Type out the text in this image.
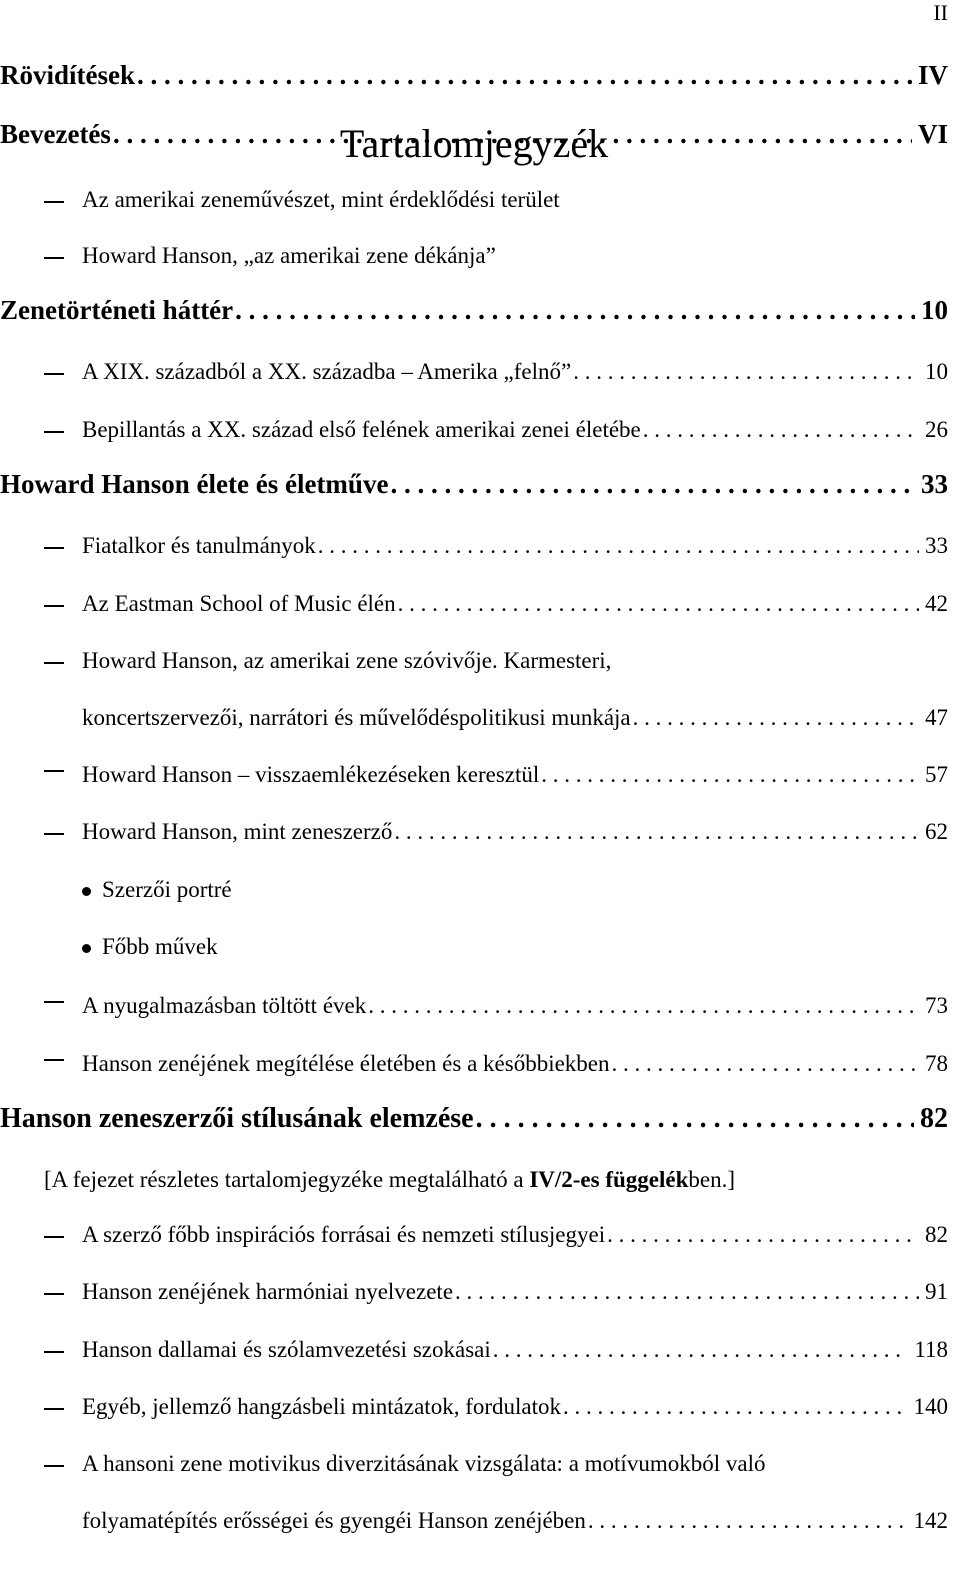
II
Tartalomjegyzék
Rövidítések . . .	IV
Bevezetés . . .	VI
Az amerikai zeneművészet, mint érdeklődési terület
Howard Hanson, „az amerikai zene dékánja”
Zenetörténeti háttér . . .	10
A XIX. századból a XX. századba – Amerika „felnő” . . .	10
Bepillantás a XX. század első felének amerikai zenei életébe . . .	26
Howard Hanson élete és életműve . . .	33
Fiatalkor és tanulmányok . . .	33
Az Eastman School of Music élén . . .	42
Howard Hanson, az amerikai zene szóvivője. Karmesteri,
koncertszervezői, narrátori és művelődéspolitikusi munkája . . .	47
Howard Hanson – visszaemlékezéseken keresztül . . .	57
Howard Hanson, mint zeneszerző . . .	62
Szerzői portré
Főbb művek
A nyugalmazásban töltött évek . . .	73
Hanson zenéjének megítélése életében és a későbbiekben . . .	78
Hanson zeneszerzői stílusának elemzése . . .	82
[A fejezet részletes tartalomjegyzéke megtalálható a IV/2-es függelékben.]
A szerző főbb inspirációs forrásai és nemzeti stílusjegyei . . .	82
Hanson zenéjének harmóniai nyelvezete . . .	91
Hanson dallamai és szólamvezetési szokásai . . .	118
Egyéb, jellemző hangzásbeli mintázatok, fordulatok . . .	140
A hansoni zene motivikus diverzitásának vizsgálata: a motívumokból való
folyamatépítés erősségei és gyengéi Hanson zenéjében . . .	142
